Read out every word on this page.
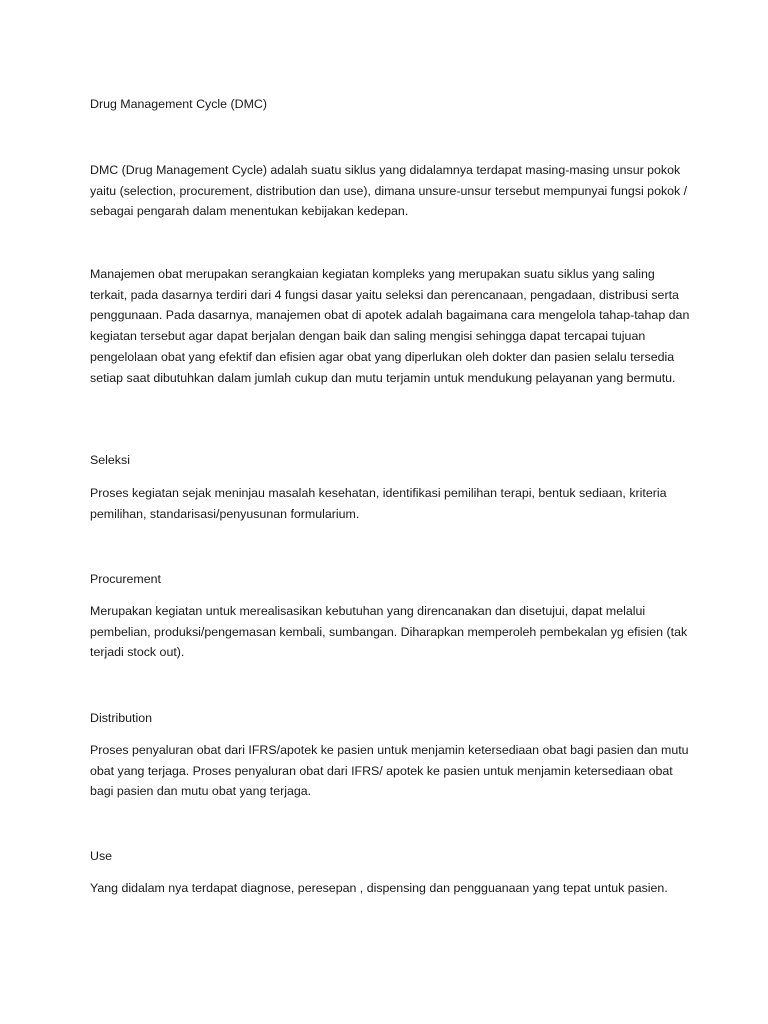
Drug Management Cycle (DMC)

DMC (Drug Management Cycle) adalah suatu siklus yang didalamnya terdapat masing-masing unsur pokok yaitu (selection, procurement, distribution dan use), dimana unsure-unsur tersebut mempunyai fungsi pokok / sebagai pengarah dalam menentukan kebijakan kedepan.

Manajemen obat merupakan serangkaian kegiatan kompleks yang merupakan suatu siklus yang saling terkait, pada dasarnya terdiri dari 4 fungsi dasar yaitu seleksi dan perencanaan, pengadaan, distribusi serta penggunaan. Pada dasarnya, manajemen obat di apotek adalah bagaimana cara mengelola tahap-tahap dan kegiatan tersebut agar dapat berjalan dengan baik dan saling mengisi sehingga dapat tercapai tujuan pengelolaan obat yang efektif dan efisien agar obat yang diperlukan oleh dokter dan pasien selalu tersedia setiap saat dibutuhkan dalam jumlah cukup dan mutu terjamin untuk mendukung pelayanan yang bermutu.

Seleksi

Proses kegiatan sejak meninjau masalah kesehatan, identifikasi pemilihan terapi, bentuk sediaan, kriteria pemilihan, standarisasi/penyusunan formularium.

Procurement

Merupakan kegiatan untuk merealisasikan kebutuhan yang direncanakan dan disetujui, dapat melalui pembelian, produksi/pengemasan kembali, sumbangan. Diharapkan memperoleh pembekalan yg efisien (tak terjadi stock out).

Distribution

Proses penyaluran obat dari IFRS/apotek ke pasien untuk menjamin ketersediaan obat bagi pasien dan mutu obat yang terjaga. Proses penyaluran obat dari IFRS/ apotek ke pasien untuk menjamin ketersediaan obat bagi pasien dan mutu obat yang terjaga.

Use

Yang didalam nya terdapat diagnose, peresepan , dispensing dan pengguanaan yang tepat untuk pasien.
